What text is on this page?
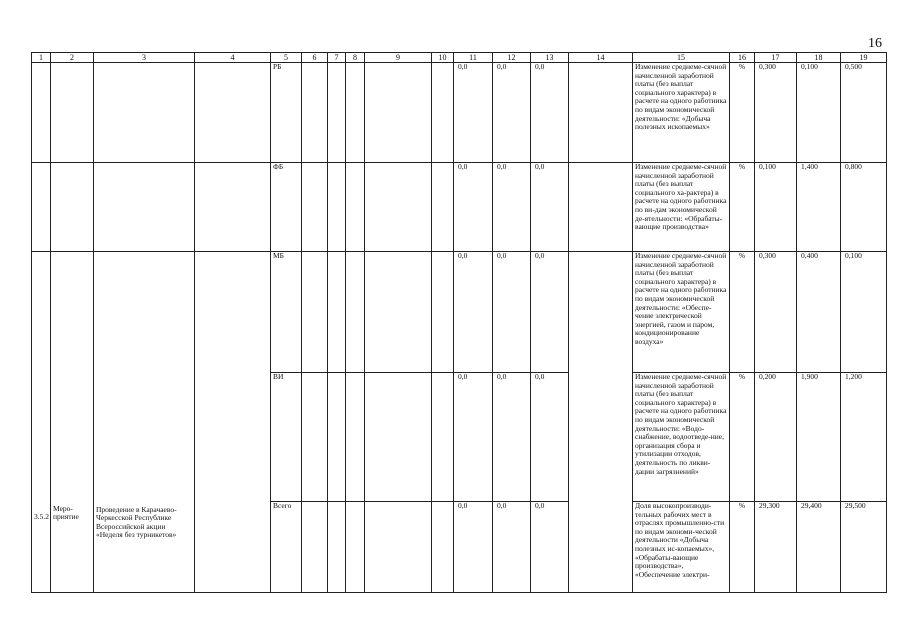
16
1	2	3	4	5	6	7	8	9	10	11	12	13	14	15	16	17	18	19
				РБ						0,0	0,0	0,0		Изменение среднеме-сячной начисленной заработной платы (без выплат социального характера) в расчете на одного работника по видам экономической деятельности: «Добыча полезных ископаемых»	%	0,300	0,100	0,500
				ФБ						0,0	0,0	0,0		Изменение среднеме-сячной начисленной заработной платы (без выплат социального ха-рактера) в расчете на одного работника по ви-дам экономической де-ятельности: «Обрабаты-вающие производства»	%	0,100	1,400	0,800
3.5.2	Меро-приятие	Проведение в Карачаево-Черкесской Республике Всероссийской акции «Неделя без турникетов»		МБ						0,0	0,0	0,0		Изменение среднеме-сячной начисленной заработной платы (без выплат социального характера) в расчете на одного работника по видам экономической деятельности: «Обеспе-чение электрической энергией, газом и паром, кондиционирование воздуха»	%	0,300	0,400	0,100
				ВИ						0,0	0,0	0,0		Изменение среднеме-сячной начисленной заработной платы (без выплат социального характера) в расчете на одного работника по видам экономической деятельности: «Водо-снабжение, водоотведе-ние, организация сбора и утилизации отходов, деятельность по ликви-дации загрязнений»	%	0,200	1,900	1,200
				Всего						0,0	0,0	0,0		Доля высокопроизводи-тельных рабочих мест в отраслях промышленно-сти по видам экономи-ческой деятельности «Добыча полезных ис-копаемых», «Обрабаты-вающие производства», «Обеспечение электри-	%	29,300	29,400	29,500
